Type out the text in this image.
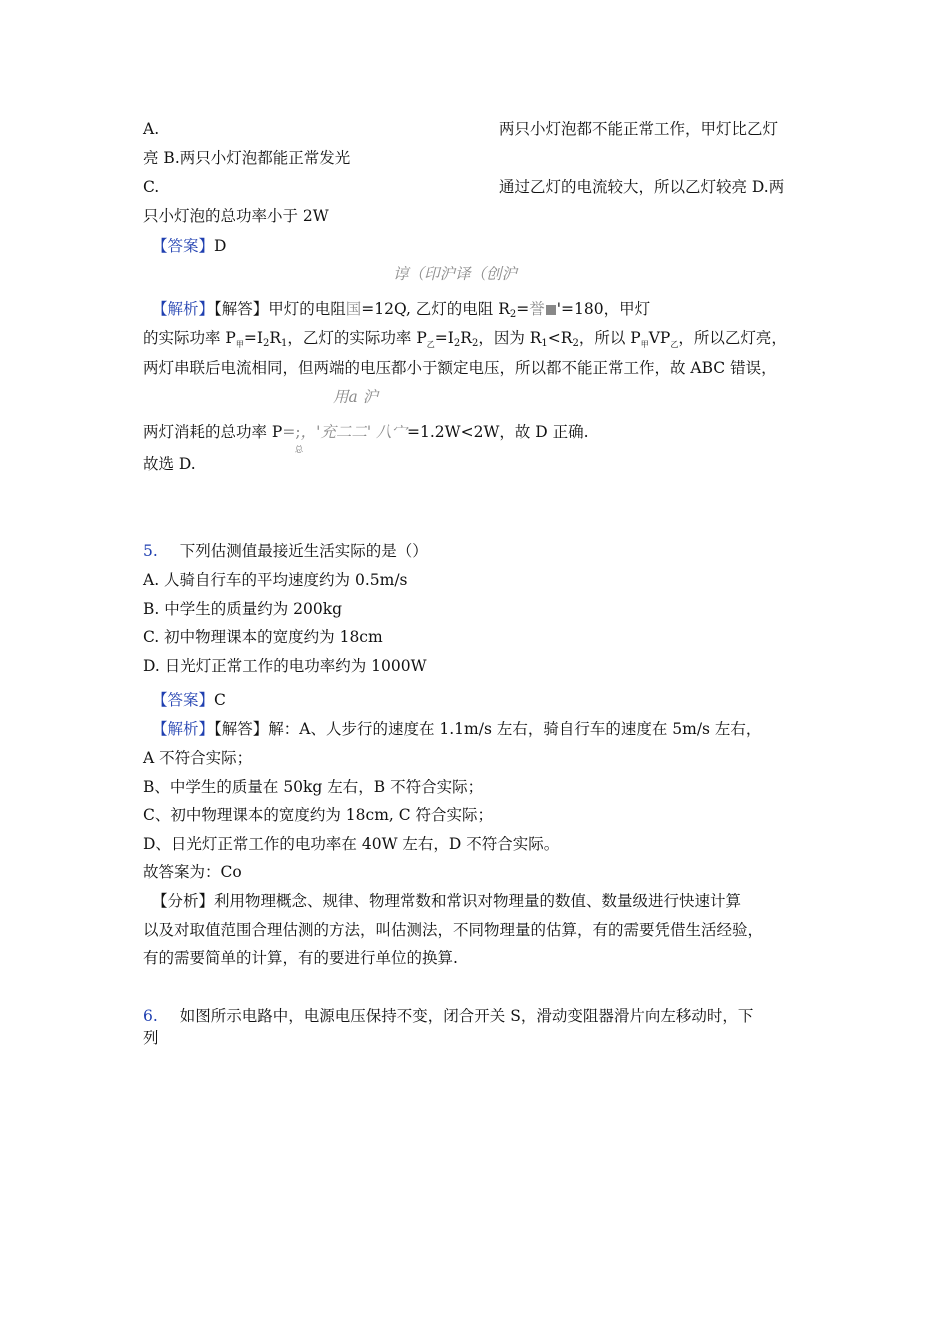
A.	两只小灯泡都不能正常工作，甲灯比乙灯
亮 B.两只小灯泡都能正常发光
C.	通过乙灯的电流较大，所以乙灯较亮 D.两
只小灯泡的总功率小于 2W
【答案】D
谆（印沪译（创沪
【解析】【解答】甲灯的电阻国=12Q, 乙灯的电阻 $R_2=$誉 '=180，甲灯
的实际功率 $P_甲=I_2R_1$，乙灯的实际功率 $P_乙=I_2R_2$，因为 $R_1<R_2$，所以 $P_甲VP_乙$，所以乙灯亮，
两灯串联后电流相同，但两端的电压都小于额定电压，所以都不能正常工作，故 ABC 错误，
用a 沪
两灯消耗的总功率 P=;，'充二二' 八宀=1.2W<2W，故 D 正确.
总
故选 D.
5. 下列估测值最接近生活实际的是（）
A. 人骑自行车的平均速度约为 0.5m/s
B. 中学生的质量约为 200kg
C. 初中物理课本的宽度约为 18cm
D. 日光灯正常工作的电功率约为 1000W
【答案】C
【解析】【解答】解：A、人步行的速度在 1.1m/s 左右，骑自行车的速度在 5m/s 左右，
A 不符合实际；
B、中学生的质量在 50kg 左右，B 不符合实际；
C、初中物理课本的宽度约为 18cm, C 符合实际；
D、日光灯正常工作的电功率在 40W 左右，D 不符合实际。
故答案为：Co
【分析】利用物理概念、规律、物理常数和常识对物理量的数值、数量级进行快速计算
以及对取值范围合理估测的方法，叫估测法，不同物理量的估算，有的需要凭借生活经验，
有的需要简单的计算，有的要进行单位的换算.
6. 如图所示电路中，电源电压保持不变，闭合开关 S，滑动变阻器滑片向左移动时，下
列
